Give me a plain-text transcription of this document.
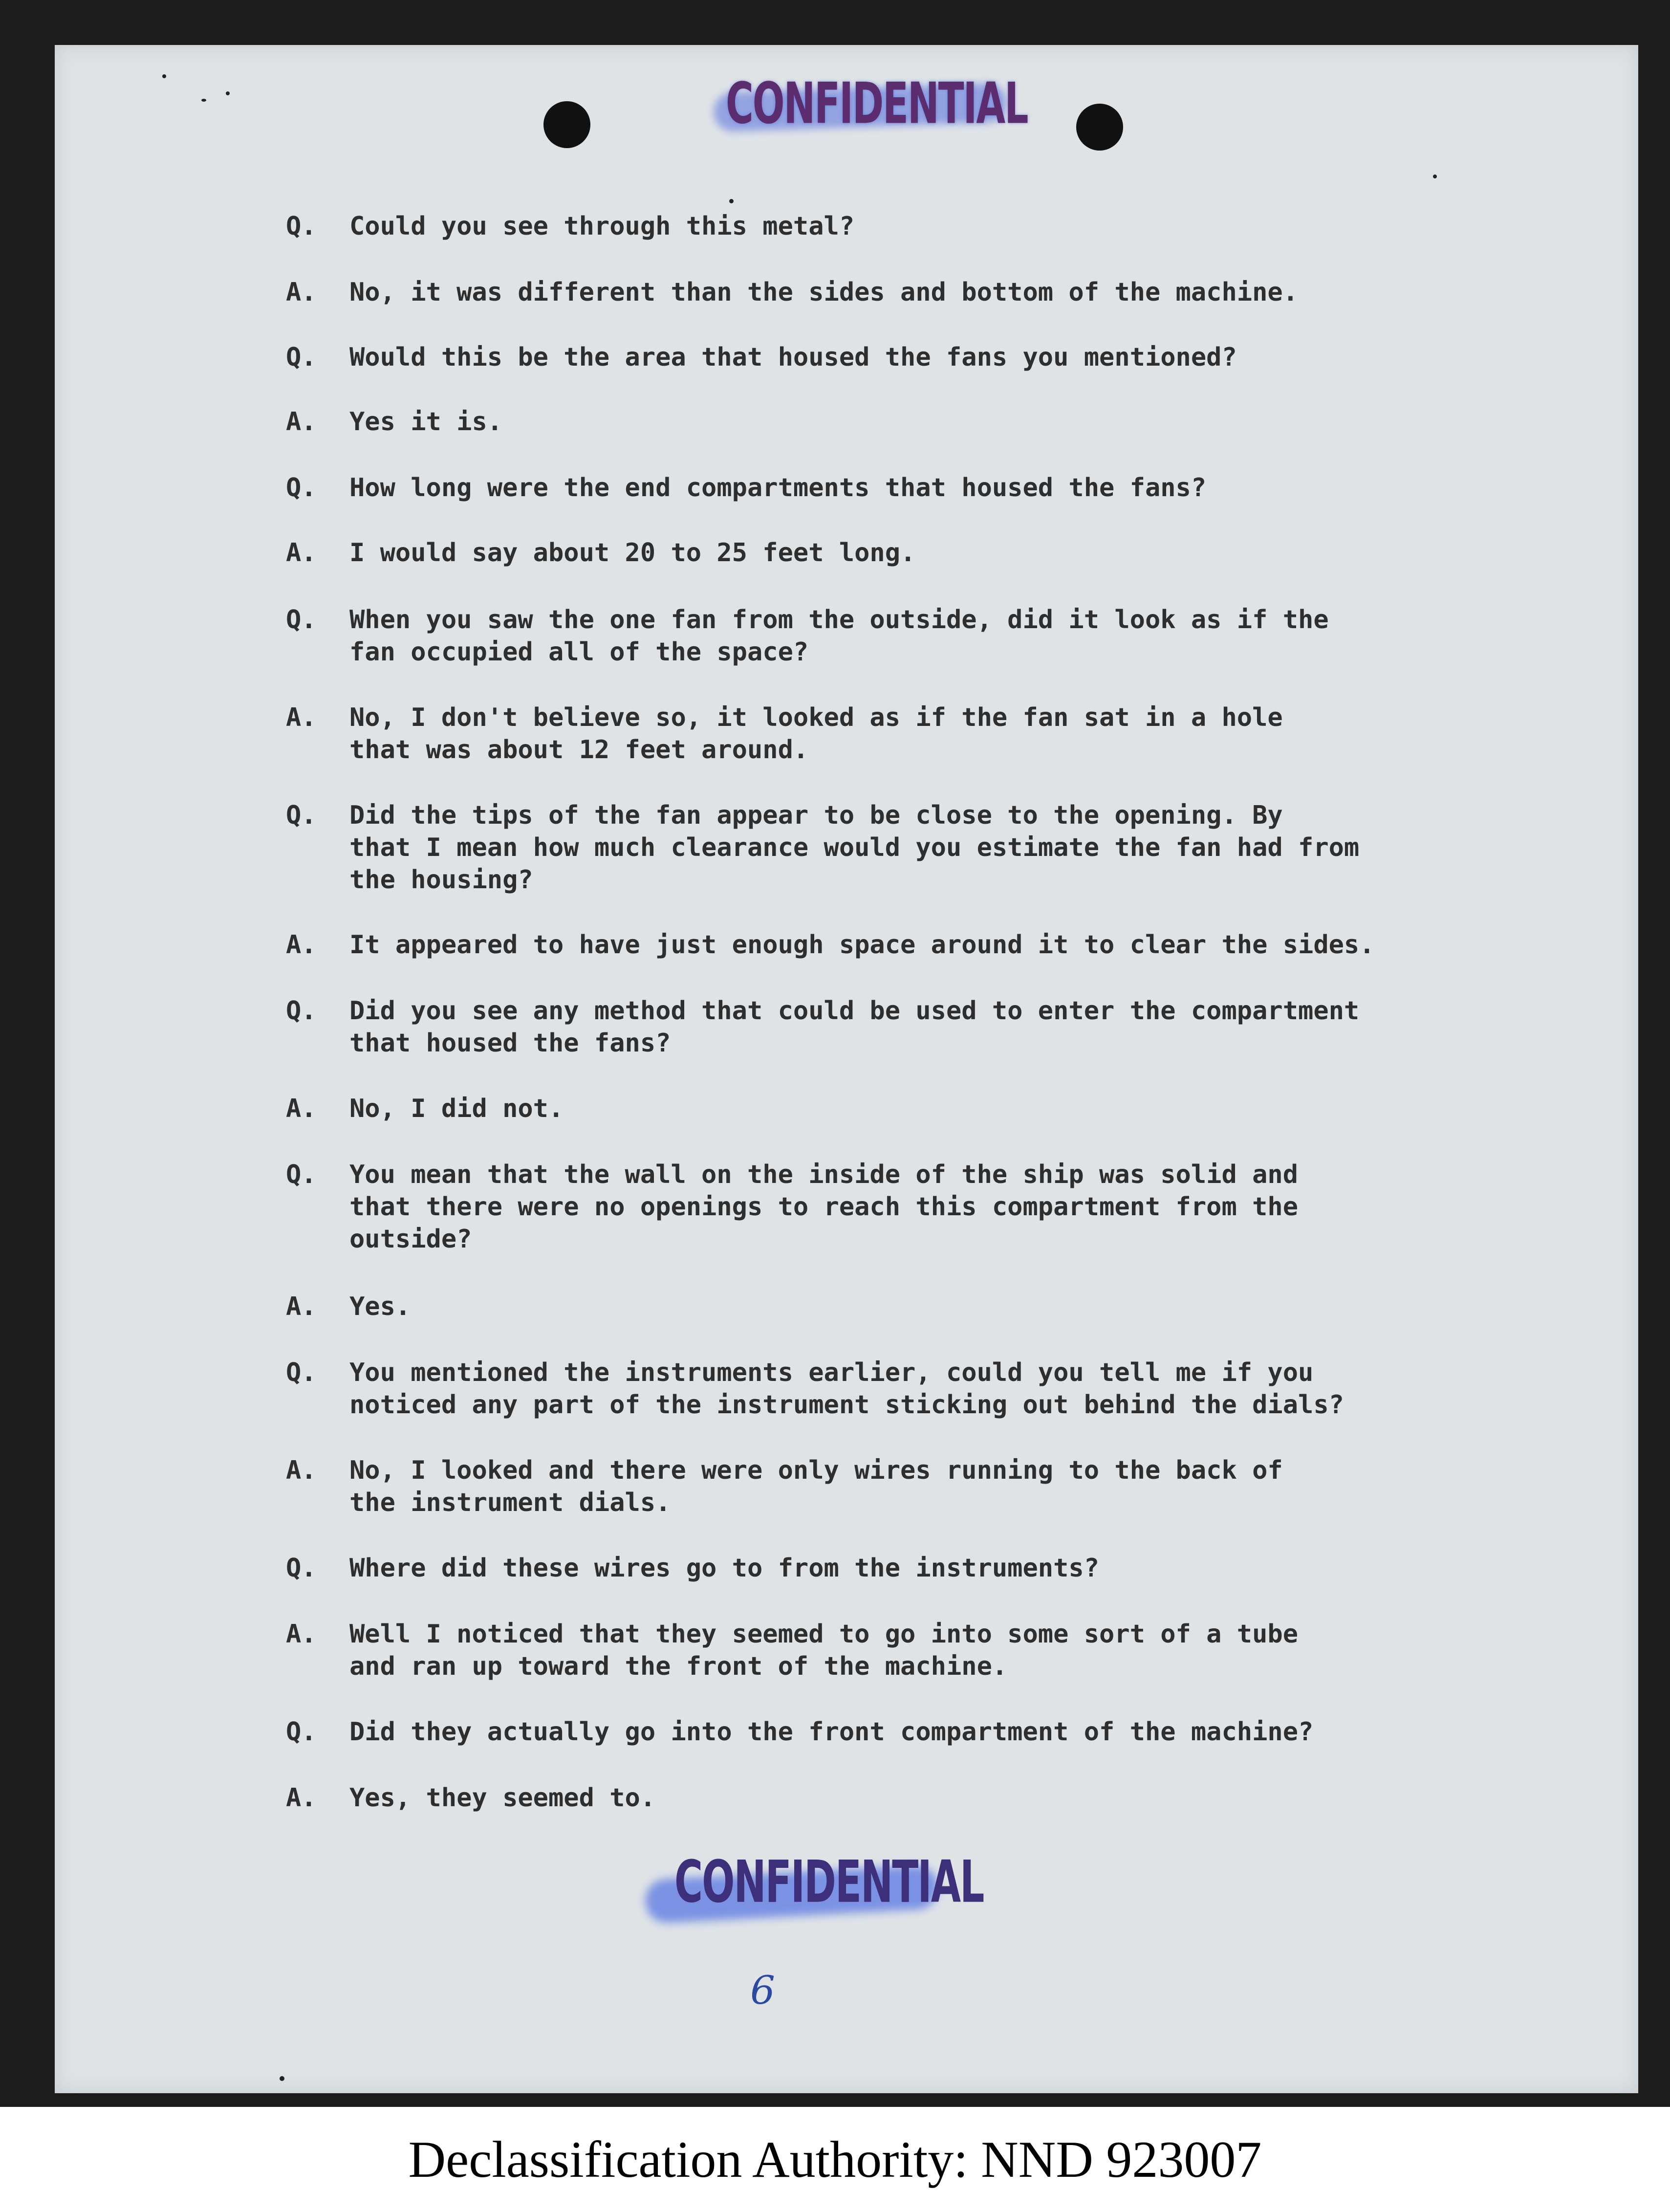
CONFIDENTIAL
Q.	Could you see through this metal?
A.	No, it was different than the sides and bottom of the machine.
Q.	Would this be the area that housed the fans you mentioned?
A.	Yes it is.
Q.	How long were the end compartments that housed the fans?
A.	I would say about 20 to 25 feet long.
Q.	When you saw the one fan from the outside, did it look as if the
fan occupied all of the space?
A.	No, I don't believe so, it looked as if the fan sat in a hole
that was about 12 feet around.
Q.	Did the tips of the fan appear to be close to the opening. By
that I mean how much clearance would you estimate the fan had from
the housing?
A.	It appeared to have just enough space around it to clear the sides.
Q.	Did you see any method that could be used to enter the compartment
that housed the fans?
A.	No, I did not.
Q.	You mean that the wall on the inside of the ship was solid and
that there were no openings to reach this compartment from the
outside?
A.	Yes.
Q.	You mentioned the instruments earlier, could you tell me if you
noticed any part of the instrument sticking out behind the dials?
A.	No, I looked and there were only wires running to the back of
the instrument dials.
Q.	Where did these wires go to from the instruments?
A.	Well I noticed that they seemed to go into some sort of a tube
and ran up toward the front of the machine.
Q.	Did they actually go into the front compartment of the machine?
A.	Yes, they seemed to.
CONFIDENTIAL
6
Declassification Authority: NND 923007
